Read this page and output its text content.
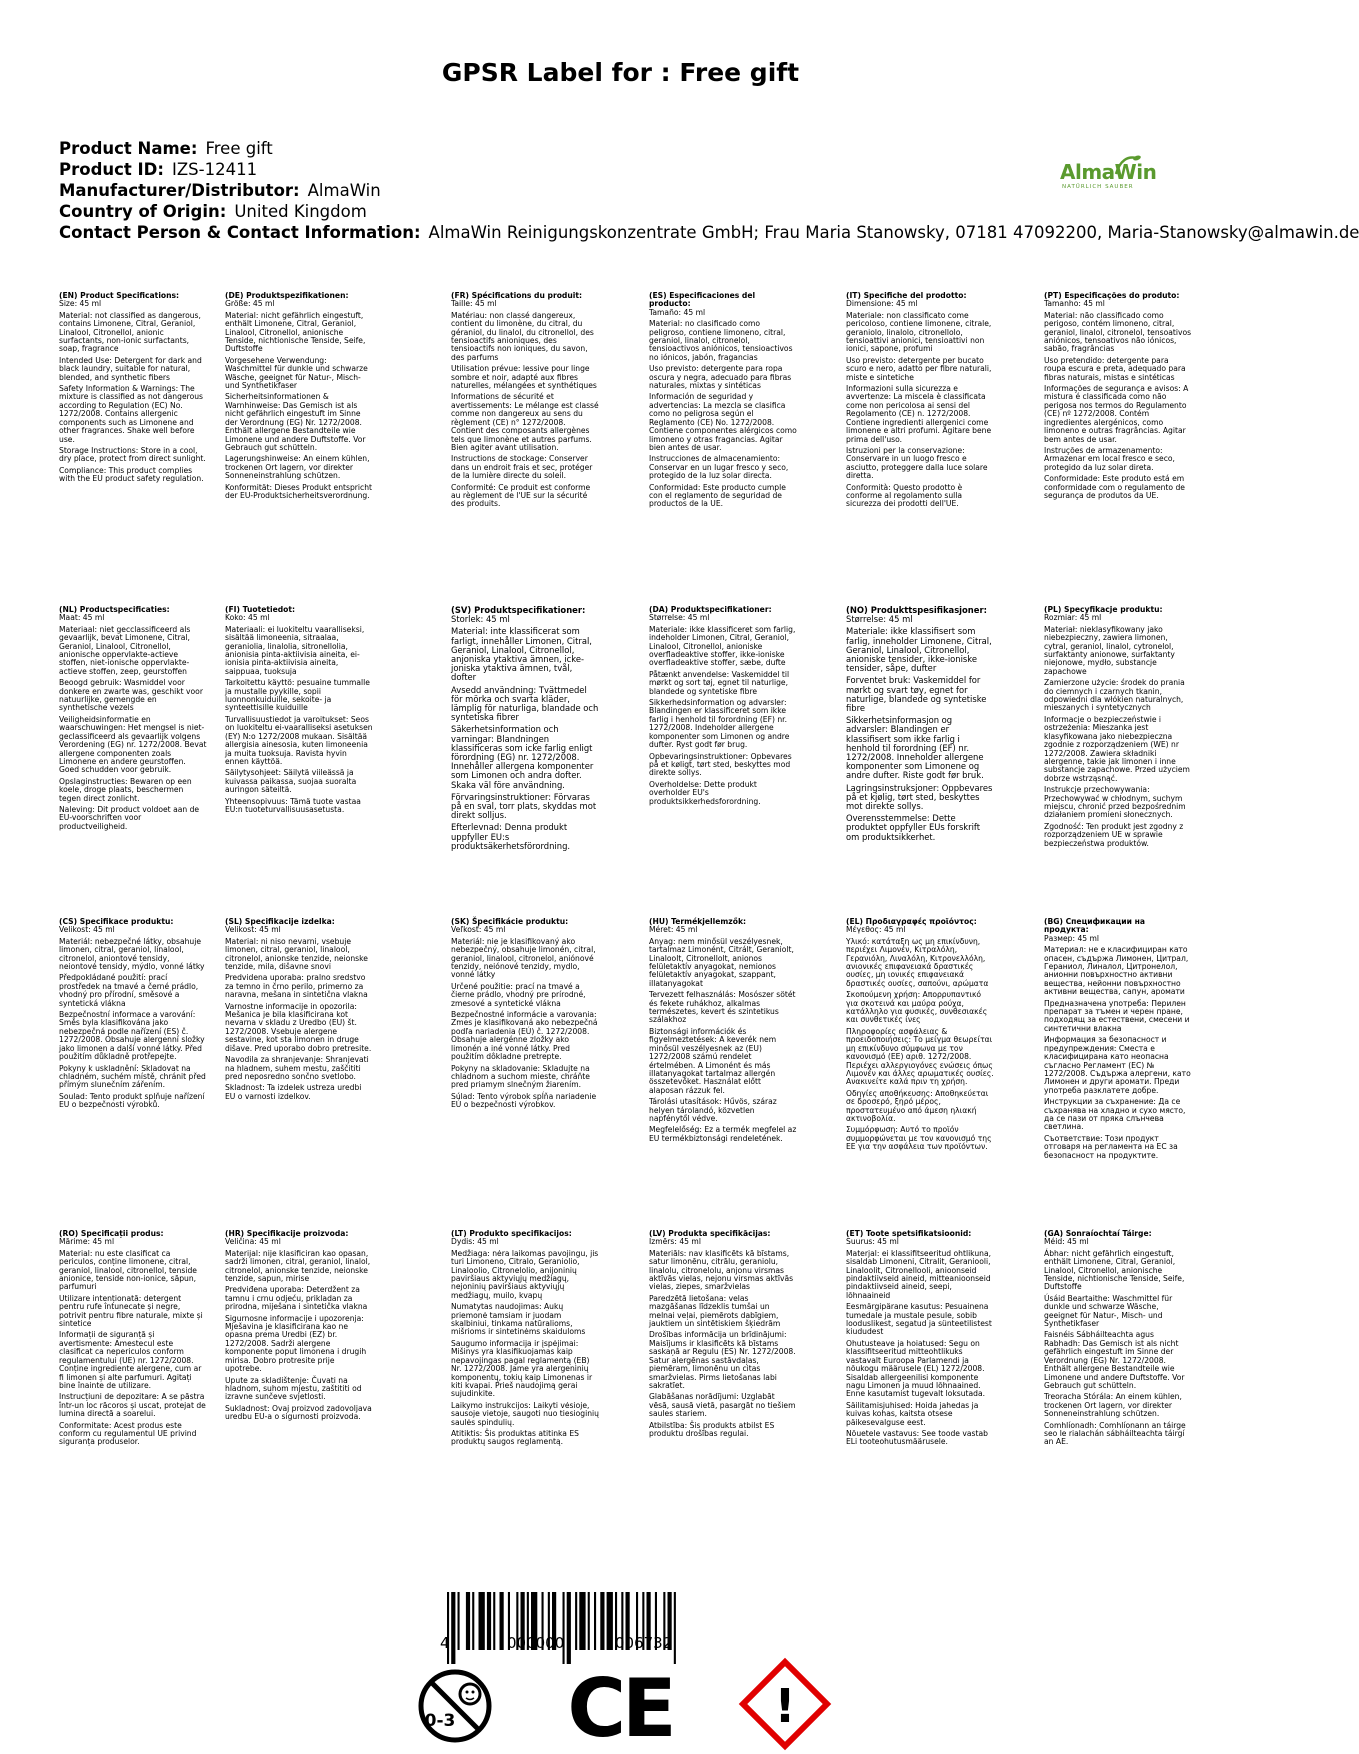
GPSR Label for : Free gift
Product Name: Free gift
Product ID: IZS-12411
Manufacturer/Distributor: AlmaWin
Country of Origin: United Kingdom
Contact Person & Contact Information: AlmaWin Reinigungskonzentrate GmbH; Frau Maria Stanowsky, 07181 47092200, Maria-Stanowsky@almawin.de
AlmaWin
NATÜRLICH SAUBER
(EN) Product Specifications:

Size: 45 ml

Material: not classified as dangerous, contains Limonene, Citral, Geraniol, Linalool, Citronellol, anionic surfactants, non-ionic surfactants, soap, fragrance

Intended Use: Detergent for dark and black laundry, suitable for natural, blended, and synthetic fibers

Safety Information & Warnings: The mixture is classified as not dangerous according to Regulation (EC) No. 1272/2008. Contains allergenic components such as Limonene and other fragrances. Shake well before use.

Storage Instructions: Store in a cool, dry place, protect from direct sunlight.

Compliance: This product complies with the EU product safety regulation.

(DE) Produktspezifikationen:

Größe: 45 ml

Material: nicht gefährlich eingestuft, enthält Limonene, Citral, Geraniol, Linalool, Citronellol, anionische Tenside, nichtionische Tenside, Seife, Duftstoffe

Vorgesehene Verwendung: Waschmittel für dunkle und schwarze Wäsche, geeignet für Natur-, Misch- und Synthetikfaser

Sicherheitsinformationen & Warnhinweise: Das Gemisch ist als nicht gefährlich eingestuft im Sinne der Verordnung (EG) Nr. 1272/2008. Enthält allergene Bestandteile wie Limonene und andere Duftstoffe. Vor Gebrauch gut schütteln.

Lagerungshinweise: An einem kühlen, trockenen Ort lagern, vor direkter Sonneneinstrahlung schützen.

Konformität: Dieses Produkt entspricht der EU-Produktsicherheitsverordnung.

(FR) Spécifications du produit:

Taille: 45 ml

Matériau: non classé dangereux, contient du limonène, du citral, du géraniol, du linalol, du citronellol, des tensioactifs anioniques, des tensioactifs non ioniques, du savon, des parfums

Utilisation prévue: lessive pour linge sombre et noir, adapté aux fibres naturelles, mélangées et synthétiques

Informations de sécurité et avertissements: Le mélange est classé comme non dangereux au sens du règlement (CE) n° 1272/2008. Contient des composants allergènes tels que limonène et autres parfums. Bien agiter avant utilisation.

Instructions de stockage: Conserver dans un endroit frais et sec, protéger de la lumière directe du soleil.

Conformité: Ce produit est conforme au règlement de l'UE sur la sécurité des produits.

(ES) Especificaciones del producto:

Tamaño: 45 ml

Material: no clasificado como peligroso, contiene limoneno, citral, geraniol, linalol, citronelol, tensioactivos aniónicos, tensioactivos no iónicos, jabón, fragancias

Uso previsto: detergente para ropa oscura y negra, adecuado para fibras naturales, mixtas y sintéticas

Información de seguridad y advertencias: La mezcla se clasifica como no peligrosa según el Reglamento (CE) No. 1272/2008. Contiene componentes alérgicos como limoneno y otras fragancias. Agitar bien antes de usar.

Instrucciones de almacenamiento: Conservar en un lugar fresco y seco, protegido de la luz solar directa.

Conformidad: Este producto cumple con el reglamento de seguridad de productos de la UE.

(IT) Specifiche del prodotto:

Dimensione: 45 ml

Materiale: non classificato come pericoloso, contiene limonene, citrale, geraniolo, linalolo, citronellolo, tensioattivi anionici, tensioattivi non ionici, sapone, profumi

Uso previsto: detergente per bucato scuro e nero, adatto per fibre naturali, miste e sintetiche

Informazioni sulla sicurezza e avvertenze: La miscela è classificata come non pericolosa ai sensi del Regolamento (CE) n. 1272/2008. Contiene ingredienti allergenici come limonene e altri profumi. Agitare bene prima dell'uso.

Istruzioni per la conservazione: Conservare in un luogo fresco e asciutto, proteggere dalla luce solare diretta.

Conformità: Questo prodotto è conforme al regolamento sulla sicurezza dei prodotti dell'UE.

(PT) Especificações do produto:

Tamanho: 45 ml

Material: não classificado como perigoso, contém limoneno, citral, geraniol, linalol, citronelol, tensoativos aniónicos, tensoativos não iónicos, sabão, fragrâncias

Uso pretendido: detergente para roupa escura e preta, adequado para fibras naturais, mistas e sintéticas

Informações de segurança e avisos: A mistura é classificada como não perigosa nos termos do Regulamento (CE) nº 1272/2008. Contém ingredientes alergénicos, como limoneno e outras fragrâncias. Agitar bem antes de usar.

Instruções de armazenamento: Armazenar em local fresco e seco, protegido da luz solar direta.

Conformidade: Este produto está em conformidade com o regulamento de segurança de produtos da UE.

(NL) Productspecificaties:

Maat: 45 ml

Materiaal: niet gecclassificeerd als gevaarlijk, bevat Limonene, Citral, Geraniol, Linalool, Citronellol, anionische oppervlakte-actieve stoffen, niet-ionische oppervlakte-actieve stoffen, zeep, geurstoffen

Beoogd gebruik: Wasmiddel voor donkere en zwarte was, geschikt voor natuurlijke, gemengde en synthetische vezels

Veiligheidsinformatie en waarschuwingen: Het mengsel is niet-geclassificeerd als gevaarlijk volgens Verordening (EG) nr. 1272/2008. Bevat allergene componenten zoals Limonene en andere geurstoffen. Goed schudden voor gebruik.

Opslaginstructies: Bewaren op een koele, droge plaats, beschermen tegen direct zonlicht.

Naleving: Dit product voldoet aan de EU-voorschriften voor productveiligheid.

(FI) Tuotetiedot:

Koko: 45 ml

Materiaali: ei luokiteltu vaaralliseksi, sisältää limoneenia, sitraalaa, geraniolia, linalolia, sitronellolia, anionisia pinta-aktiivisia aineita, ei-ionisia pinta-aktiivisia aineita, saippuaa, tuoksuja

Tarkoitettu käyttö: pesuaine tummalle ja mustalle pyykille, sopii luonnonkuiduille, sekoite- ja synteettisille kuiduille

Turvallisuustiedot ja varoitukset: Seos on luokiteltu ei-vaaralliseksi asetuksen (EY) N:o 1272/2008 mukaan. Sisältää allergisia ainesosia, kuten limoneenia ja muita tuoksuja. Ravista hyvin ennen käyttöä.

Säilytysohjeet: Säilytä viileässä ja kuivassa paikassa, suojaa suoralta auringon säteiltä.

Yhteensopivuus: Tämä tuote vastaa EU:n tuoteturvallisuusasetusta.

(SV) Produktspecifikationer:

Storlek: 45 ml

Material: inte klassificerat som farligt, innehåller Limonen, Citral, Geraniol, Linalool, Citronellol, anjoniska ytaktiva ämnen, icke-joniska ytaktiva ämnen, tvål, dofter

Avsedd användning: Tvättmedel för mörka och svarta kläder, lämplig för naturliga, blandade och syntetiska fibrer

Säkerhetsinformation och varningar: Blandningen klassificeras som icke farlig enligt förordning (EG) nr. 1272/2008. Innehåller allergena komponenter som Limonen och andra dofter. Skaka väl före användning.

Förvaringsinstruktioner: Förvaras på en sval, torr plats, skyddas mot direkt solljus.

Efterlevnad: Denna produkt uppfyller EU:s produktsäkerhetsförordning.

(DA) Produktspecifikationer:

Størrelse: 45 ml

Materiale: ikke klassificeret som farlig, indeholder Limonen, Citral, Geraniol, Linalool, Citronellol, anioniske overfladeaktive stoffer, ikke-ioniske overfladeaktive stoffer, sæbe, dufte

Påtænkt anvendelse: Vaskemiddel til mørkt og sort tøj, egnet til naturlige, blandede og syntetiske fibre

Sikkerhedsinformation og advarsler: Blandingen er klassificeret som ikke farlig i henhold til forordning (EF) nr. 1272/2008. Indeholder allergene komponenter som Limonen og andre dufter. Ryst godt før brug.

Opbevaringsinstruktioner: Opbevares på et køligt, tørt sted, beskyttes mod direkte sollys.

Overholdelse: Dette produkt overholder EU's produktsikkerhedsforordning.

(NO) Produkttspesifikasjoner:

Størrelse: 45 ml

Materiale: ikke klassifisert som farlig, inneholder Limonene, Citral, Geraniol, Linalool, Citronellol, anioniske tensider, ikke-ioniske tensider, såpe, dufter

Forventet bruk: Vaskemiddel for mørkt og svart tøy, egnet for naturlige, blandede og syntetiske fibre

Sikkerhetsinformasjon og advarsler: Blandingen er klassifisert som ikke farlig i henhold til forordning (EF) nr. 1272/2008. Inneholder allergene komponenter som Limonene og andre dufter. Riste godt før bruk.

Lagringsinstruksjoner: Oppbevares på et kjølig, tørt sted, beskyttes mot direkte sollys.

Overensstemmelse: Dette produktet oppfyller EUs forskrift om produktsikkerhet.

(PL) Specyfikacje produktu:

Rozmiar: 45 ml

Materiał: nieklasyfikowany jako niebezpieczny, zawiera limonen, cytral, geraniol, linalol, cytronelol, surfaktanty anionowe, surfaktanty niejonowe, mydło, substancje zapachowe

Zamierzone użycie: środek do prania do ciemnych i czarnych tkanin, odpowiedni dla włókien naturalnych, mieszanych i syntetycznych

Informacje o bezpieczeństwie i ostrzeżenia: Mieszanka jest klasyfikowana jako niebezpieczna zgodnie z rozporządzeniem (WE) nr 1272/2008. Zawiera składniki alergenne, takie jak limonen i inne substancje zapachowe. Przed użyciem dobrze wstrząsnąć.

Instrukcje przechowywania: Przechowywać w chłodnym, suchym miejscu, chronić przed bezpośrednim działaniem promieni słonecznych.

Zgodność: Ten produkt jest zgodny z rozporządzeniem UE w sprawie bezpieczeństwa produktów.

(CS) Specifikace produktu:

Velikost: 45 ml

Materiál: nebezpečné látky, obsahuje limonen, citral, geraniol, linalool, citronelol, aniontové tensidy, neiontové tensidy, mýdlo, vonné látky

Předpokládané použití: prací prostředek na tmavé a černé prádlo, vhodný pro přírodní, směsové a syntetická vlákna

Bezpečnostní informace a varování: Směs byla klasifikována jako nebezpečná podle nařízení (ES) č. 1272/2008. Obsahuje alergenní složky jako limonen a další vonné látky. Před použitím důkladně protřepejte.

Pokyny k uskladnění: Skladovat na chladném, suchém místě, chránit před přímým slunečním zářením.

Soulad: Tento produkt splňuje nařízení EU o bezpečnosti výrobků.

(SL) Specifikacije izdelka:

Velikost: 45 ml

Material: ni niso nevarni, vsebuje limonen, citral, geraniol, linalool, citronelol, anionske tenzide, neionske tenzide, mila, dišavne snovi

Predvidena uporaba: pralno sredstvo za temno in črno perilo, primerno za naravna, mešana in sintetična vlakna

Varnostne informacije in opozorila: Mešanica je bila klasificirana kot nevarna v skladu z Uredbo (EU) št. 1272/2008. Vsebuje alergene sestavine, kot sta limonen in druge dišave. Pred uporabo dobro pretresite.

Navodila za shranjevanje: Shranjevati na hladnem, suhem mestu, zaščititi pred neposredno sončno svetlobo.

Skladnost: Ta izdelek ustreza uredbi EU o varnosti izdelkov.

(SK) Špecifikácie produktu:

Veľkosť: 45 ml

Materiál: nie je klasifikovaný ako nebezpečný, obsahuje limonén, citral, geraniol, linalool, citronelol, aniónové tenzidy, neiónové tenzidy, mydlo, vonné látky

Určené použitie: prací na tmavé a čierne prádlo, vhodný pre prírodné, zmesové a syntetické vlákna

Bezpečnostné informácie a varovania: Zmes je klasifikovaná ako nebezpečná podľa nariadenia (EÚ) č. 1272/2008. Obsahuje alergénne zložky ako limonén a iné vonné látky. Pred použitím dôkladne pretrepte.

Pokyny na skladovanie: Skladujte na chladnom a suchom mieste, chráňte pred priamym slnečným žiarením.

Súlad: Tento výrobok spĺňa nariadenie EÚ o bezpečnosti výrobkov.

(HU) Termékjellemzők:

Méret: 45 ml

Anyag: nem minősül veszélyesnek, tartalmaz Limonént, Citrált, Geraniolt, Linaloolt, Citronellolt, anionos felületaktív anyagokat, nemionos felületaktív anyagokat, szappant, illatanyagokat

Tervezett felhasználás: Mosószer sötét és fekete ruhákhoz, alkalmas természetes, kevert és szintetikus szálakhoz

Biztonsági információk és figyelmeztetések: A keverék nem minősül veszélyesnek az (EU) 1272/2008 számú rendelet értelmében. A Limonént és más illatanyagokat tartalmaz allergén összetevőket. Használat előtt alaposan rázzuk fel.

Tárolási utasítások: Hűvös, száraz helyen tárolandó, közvetlen napfénytől védve.

Megfelelőség: Ez a termék megfelel az EU termékbiztonsági rendeletének.

(EL) Προδιαγραφές προϊόντος:

Μέγεθος: 45 ml

Υλικό: κατάταξη ως μη επικίνδυνη, περιέχει Λιμονέν, Κιτραλόλη, Γερανιόλη, Λιναλόλη, Κιτρονελλόλη, ανιονικές επιφανειακά δραστικές ουσίες, μη ιονικές επιφανειακά δραστικές ουσίες, σαπούνι, αρώματα

Σκοπούμενη χρήση: Απορρυπαντικό για σκοτεινά και μαύρα ρούχα, κατάλληλο για φυσικές, συνθεσιακές και συνθετικές ίνες

Πληροφορίες ασφάλειας & προειδοποιήσεις: Το μείγμα θεωρείται μη επικίνδυνο σύμφωνα με τον κανονισμό (ΕΕ) αριθ. 1272/2008. Περιέχει αλλεργιογόνες ενώσεις όπως Λιμονέν και άλλες αρωματικές ουσίες. Ανακινείτε καλά πριν τη χρήση.

Οδηγίες αποθήκευσης: Αποθηκεύεται σε δροσερό, ξηρό μέρος, προστατευμένο από άμεση ηλιακή ακτινοβολία.

Συμμόρφωση: Αυτό το προϊόν συμμορφώνεται με τον κανονισμό της ΕΕ για την ασφάλεια των προϊόντων.

(BG) Спецификации на продукта:

Размер: 45 ml

Материал: не е класифициран като опасен, съдържа Лимонен, Цитрал, Гераниол, Линалол, Цитронелол, анионни повърхностно активни вещества, нейонни повърхностно активни вещества, сапун, аромати

Предназначена употреба: Перилен препарат за тъмен и черен пране, подходящ за естествени, смесени и синтетични влакна

Информация за безопасност и предупреждения: Сместа е класифицирана като неопасна съгласно Регламент (ЕС) № 1272/2008. Съдържа алергени, като Лимонен и други аромати. Преди употреба разклатете добре.

Инструкции за съхранение: Да се съхранява на хладно и сухо място, да се пази от пряка слънчева светлина.

Съответствие: Този продукт отговаря на регламента на ЕС за безопасност на продуктите.

(RO) Specificații produs:

Mărime: 45 ml

Material: nu este clasificat ca periculos, conține limonene, citral, geraniol, linalool, citronellol, tenside anionice, tenside non-ionice, săpun, parfumuri

Utilizare intenționată: detergent pentru rufe întunecate și negre, potrivit pentru fibre naturale, mixte și sintetice

Informații de siguranță și avertismente: Amestecul este clasificat ca nepericulos conform regulamentului (UE) nr. 1272/2008. Conține ingrediente alergene, cum ar fi limonen și alte parfumuri. Agitați bine înainte de utilizare.

Instrucțiuni de depozitare: A se păstra într-un loc răcoros și uscat, protejat de lumina directă a soarelui.

Conformitate: Acest produs este conform cu regulamentul UE privind siguranța produselor.

(HR) Specifikacije proizvoda:

Veličina: 45 ml

Materijal: nije klasificiran kao opasan, sadrži limonen, citral, geraniol, linalol, citronelol, anionske tenzide, neionske tenzide, sapun, mirise

Predviđena uporaba: Deterdžent za tamnu i crnu odjeću, prikladan za prirodna, miješana i sintetička vlakna

Sigurnosne informacije i upozorenja: Mješavina je klasificirana kao ne opasna prema Uredbi (EZ) br. 1272/2008. Sadrži alergene komponente poput limonena i drugih mirisa. Dobro protresite prije upotrebe.

Upute za skladištenje: Čuvati na hladnom, suhom mjestu, zaštititi od izravne sunčeve svjetlosti.

Sukladnost: Ovaj proizvod zadovoljava uredbu EU-a o sigurnosti proizvoda.

(LT) Produkto specifikacijos:

Dydis: 45 ml

Medžiaga: nėra laikomas pavojingu, jis turi Limoneno, Citralo, Geraniolio, Linaloolio, Citronelolio, anijoninių paviršiaus aktyviųjų medžiagų, nejoninių paviršiaus aktyviųjų medžiagų, muilo, kvapų

Numatytas naudojimas: Aukų priemonė tamsiam ir juodam skalbiniui, tinkama natūralioms, mišrioms ir sintetinėms skaiduloms

Saugumo informacija ir įspėjimai: Mišinys yra klasifikuojamas kaip nepavojingas pagal reglamentą (EB) Nr. 1272/2008. Jame yra alergeninių komponentų, tokių kaip Limonenas ir kiti kvapai. Prieš naudojimą gerai sujudinkite.

Laikymo instrukcijos: Laikyti vėsioje, sausoje vietoje, saugoti nuo tiesioginių saulės spindulių.

Atitiktis: Šis produktas atitinka ES produktų saugos reglamentą.

(LV) Produkta specifikācijas:

Izmērs: 45 ml

Materiāls: nav klasificēts kā bīstams, satur limonēnu, citrālu, geraniolu, linalolu, citronelolu, anjonu virsmas aktīvās vielas, nejonu virsmas aktīvās vielas, ziepes, smaržvielas

Paredzētā lietošana: velas mazgāšanas līdzeklis tumšai un melnai veļai, piemērots dabīgiem, jauktiem un sintētiskiem šķiedrām

Drošības informācija un brīdinājumi: Maisījums ir klasificēts kā bīstams saskaņā ar Regulu (ES) Nr. 1272/2008. Satur alergēnas sastāvdaļas, piemēram, limonēnu un citas smaržvielas. Pirms lietošanas labi sakratīet.

Glabāšanas norādījumi: Uzglabāt vēsā, sausā vietā, pasargāt no tiešiem saules stariem.

Atbilstība: Šis produkts atbilst ES produktu drošības regulai.

(ET) Toote spetsifikatsioonid:

Suurus: 45 ml

Materjal: ei klassifitseeritud ohtlikuna, sisaldab Limoneni, Citralit, Geraniooli, Linaloolit, Citronellooli, anioonseid pindaktiivseid aineid, mitteanioonseid pindaktiivseid aineid, seepi, lõhnaaineid

Eesmärgipärane kasutus: Pesuainena tumedale ja mustale pesule, sobib looduslikest, segatud ja sünteetilistest kiududest

Ohutusteave ja hoiatused: Segu on klassifitseeritud mitteohtlikuks vastavalt Euroopa Parlamendi ja nõukogu määrusele (EL) 1272/2008. Sisaldab allergeenilisi komponente nagu Limonen ja muud lõhnaained. Enne kasutamist tugevalt loksutada.

Säilitamisjuhised: Hoida jahedas ja kuivas kohas, kaitsta otsese päikesevalguse eest.

Nõuetele vastavus: See toode vastab ELi tooteohutusmäärusele.

(GA) Sonraíochtaí Táirge:

Méid: 45 ml

Ábhar: nicht gefährlich eingestuft, enthält Limonene, Citral, Geraniol, Linalool, Citronellol, anionische Tenside, nichtionische Tenside, Seife, Duftstoffe

Úsáid Beartaithe: Waschmittel für dunkle und schwarze Wäsche, geeignet für Natur-, Misch- und Synthetikfaser

Faisnéis Sábháilteachta agus Rabhadh: Das Gemisch ist als nicht gefährlich eingestuft im Sinne der Verordnung (EG) Nr. 1272/2008. Enthält allergene Bestandteile wie Limonene und andere Duftstoffe. Vor Gebrauch gut schütteln.

Treoracha Stórála: An einem kühlen, trockenen Ort lagern, vor direkter Sonneneinstrahlung schützen.

Comhlíonadh: Comhlíonann an táirge seo le rialachán sábháilteachta táirgí an AE.

4	000000	006732
0-3 CE !
